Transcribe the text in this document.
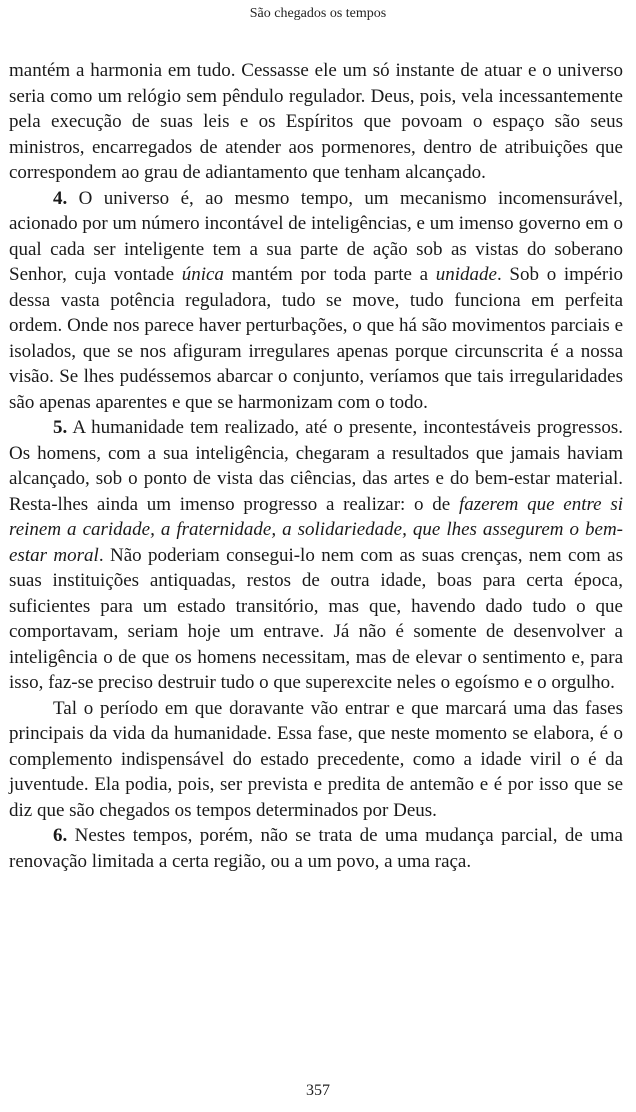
São chegados os tempos

mantém a harmonia em tudo. Cessasse ele um só instante de atuar e o universo seria como um relógio sem pêndulo regulador. Deus, pois, vela incessantemente pela execução de suas leis e os Espíritos que povoam o espaço são seus ministros, encarregados de atender aos pormenores, dentro de atribuições que correspondem ao grau de adiantamento que tenham alcançado.

4. O universo é, ao mesmo tempo, um mecanismo incomensurável, acionado por um número incontável de inteligências, e um imenso governo em o qual cada ser inteligente tem a sua parte de ação sob as vistas do soberano Senhor, cuja vontade única mantém por toda parte a unidade. Sob o império dessa vasta potência reguladora, tudo se move, tudo funciona em perfeita ordem. Onde nos parece haver perturbações, o que há são movimentos parciais e isolados, que se nos afiguram irregulares apenas porque circunscrita é a nossa visão. Se lhes pudéssemos abarcar o conjunto, veríamos que tais irregularidades são apenas aparentes e que se harmonizam com o todo.

5. A humanidade tem realizado, até o presente, incontestáveis progressos. Os homens, com a sua inteligência, chegaram a resultados que jamais haviam alcançado, sob o ponto de vista das ciências, das artes e do bem-estar material. Resta-lhes ainda um imenso progresso a realizar: o de fazerem que entre si reinem a caridade, a fraternidade, a solidariedade, que lhes assegurem o bem-estar moral. Não poderiam consegui-lo nem com as suas crenças, nem com as suas instituições antiquadas, restos de outra idade, boas para certa época, suficientes para um estado transitório, mas que, havendo dado tudo o que comportavam, seriam hoje um entrave. Já não é somente de desenvolver a inteligência o de que os homens necessitam, mas de elevar o sentimento e, para isso, faz-se preciso destruir tudo o que superexcite neles o egoísmo e o orgulho.

Tal o período em que doravante vão entrar e que marcará uma das fases principais da vida da humanidade. Essa fase, que neste momento se elabora, é o complemento indispensável do estado precedente, como a idade viril o é da juventude. Ela podia, pois, ser prevista e predita de antemão e é por isso que se diz que são chegados os tempos determinados por Deus.

6. Nestes tempos, porém, não se trata de uma mudança parcial, de uma renovação limitada a certa região, ou a um povo, a uma raça.

357
